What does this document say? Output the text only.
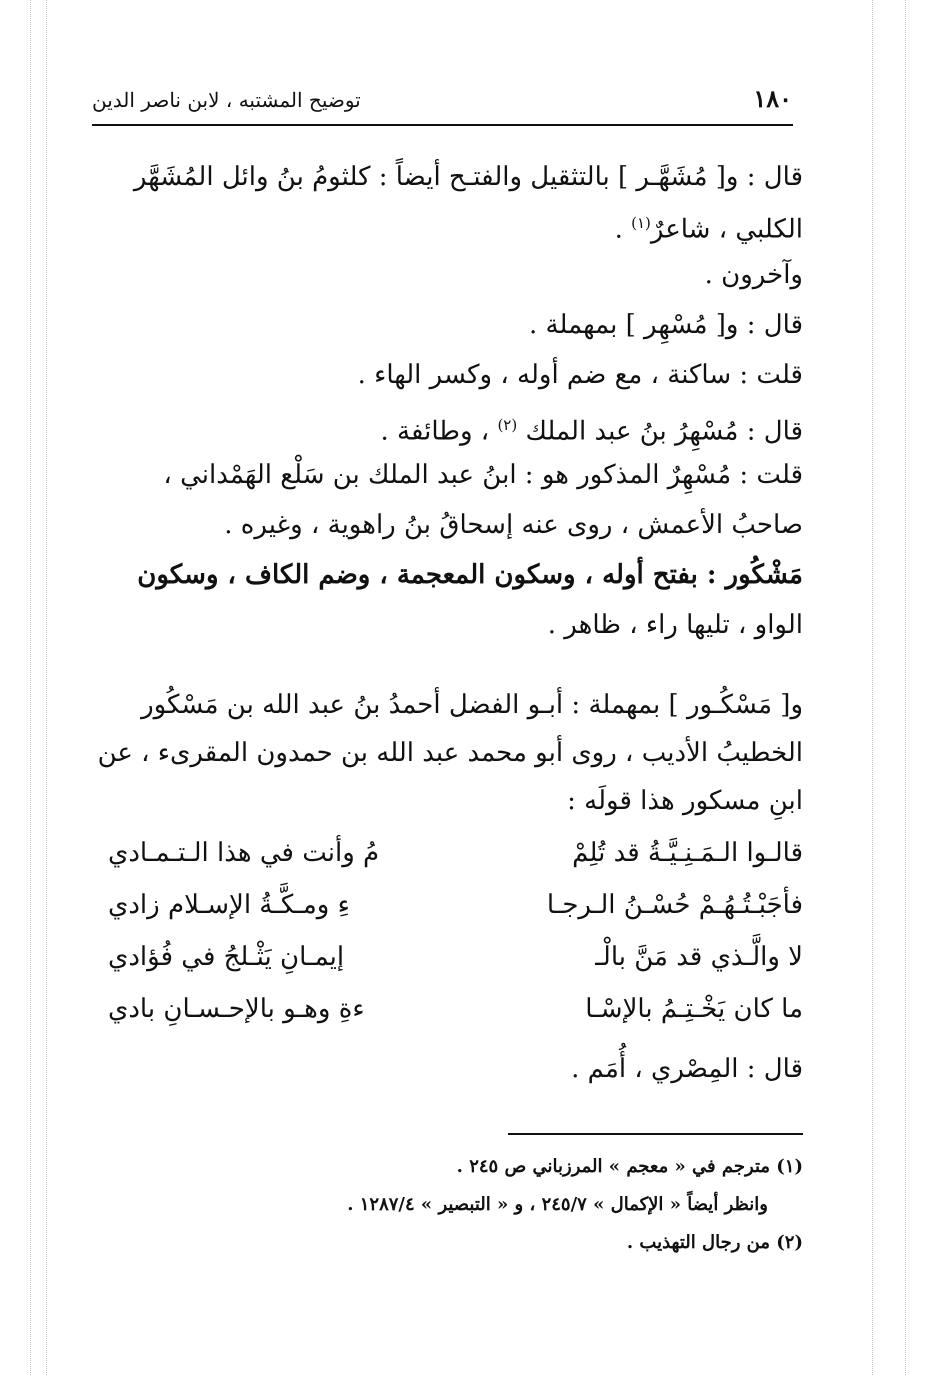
١٨٠
توضيح المشتبه ، لابن ناصر الدين
قال : و[ مُشَهَّـر ] بالتثقيل والفتـح أيضاً : كلثومُ بنُ وائل المُشَهَّر
الكلبي ، شاعرٌ$^{(١)}$ .
وآخرون .
قال : و[ مُسْهِر ] بمهملة .
قلت : ساكنة ، مع ضم أوله ، وكسر الهاء .
قال : مُسْهِرُ بنُ عبد الملك $^{(٢)}$ ، وطائفة .
قلت : مُسْهِرٌ المذكور هو : ابنُ عبد الملك بن سَلْع الهَمْداني ،
صاحبُ الأعمش ، روى عنه إسحاقُ بنُ راهوية ، وغيره .
مَشْكُور : بفتح أوله ، وسكون المعجمة ، وضم الكاف ، وسكون
الواو ، تليها راء ، ظاهر .
و[ مَسْكُـور ] بمهملة : أبـو الفضل أحمدُ بنُ عبد الله بن مَسْكُور
الخطيبُ الأديب ، روى أبو محمد عبد الله بن حمدون المقرىء ، عن
ابنِ مسكور هذا قولَه :
قالـوا الـمَـنِـيَّـةُ قد تُلِمْ
مُ وأنت في هذا الـتـمـادي
فأجَبْـتُـهُـمْ حُسْـنُ الـرجـا
ءِ ومـكَّـةُ الإسـلام زادي
لا والَّـذي قد مَنَّ بالْـ
إيمـانِ يَثْـلجُ في فُؤادي
ما كان يَخْـتِـمُ بالإسْـا
ءةِ وهـو بالإحـسـانِ بادي
قال : المِصْري ، أُمَم .
(١) مترجم في « معجم » المرزباني ص ٢٤٥ .
وانظر أيضاً « الإكمال » ٢٤٥/٧ ، و « التبصير » ١٢٨٧/٤ .
(٢) من رجال التهذيب .
